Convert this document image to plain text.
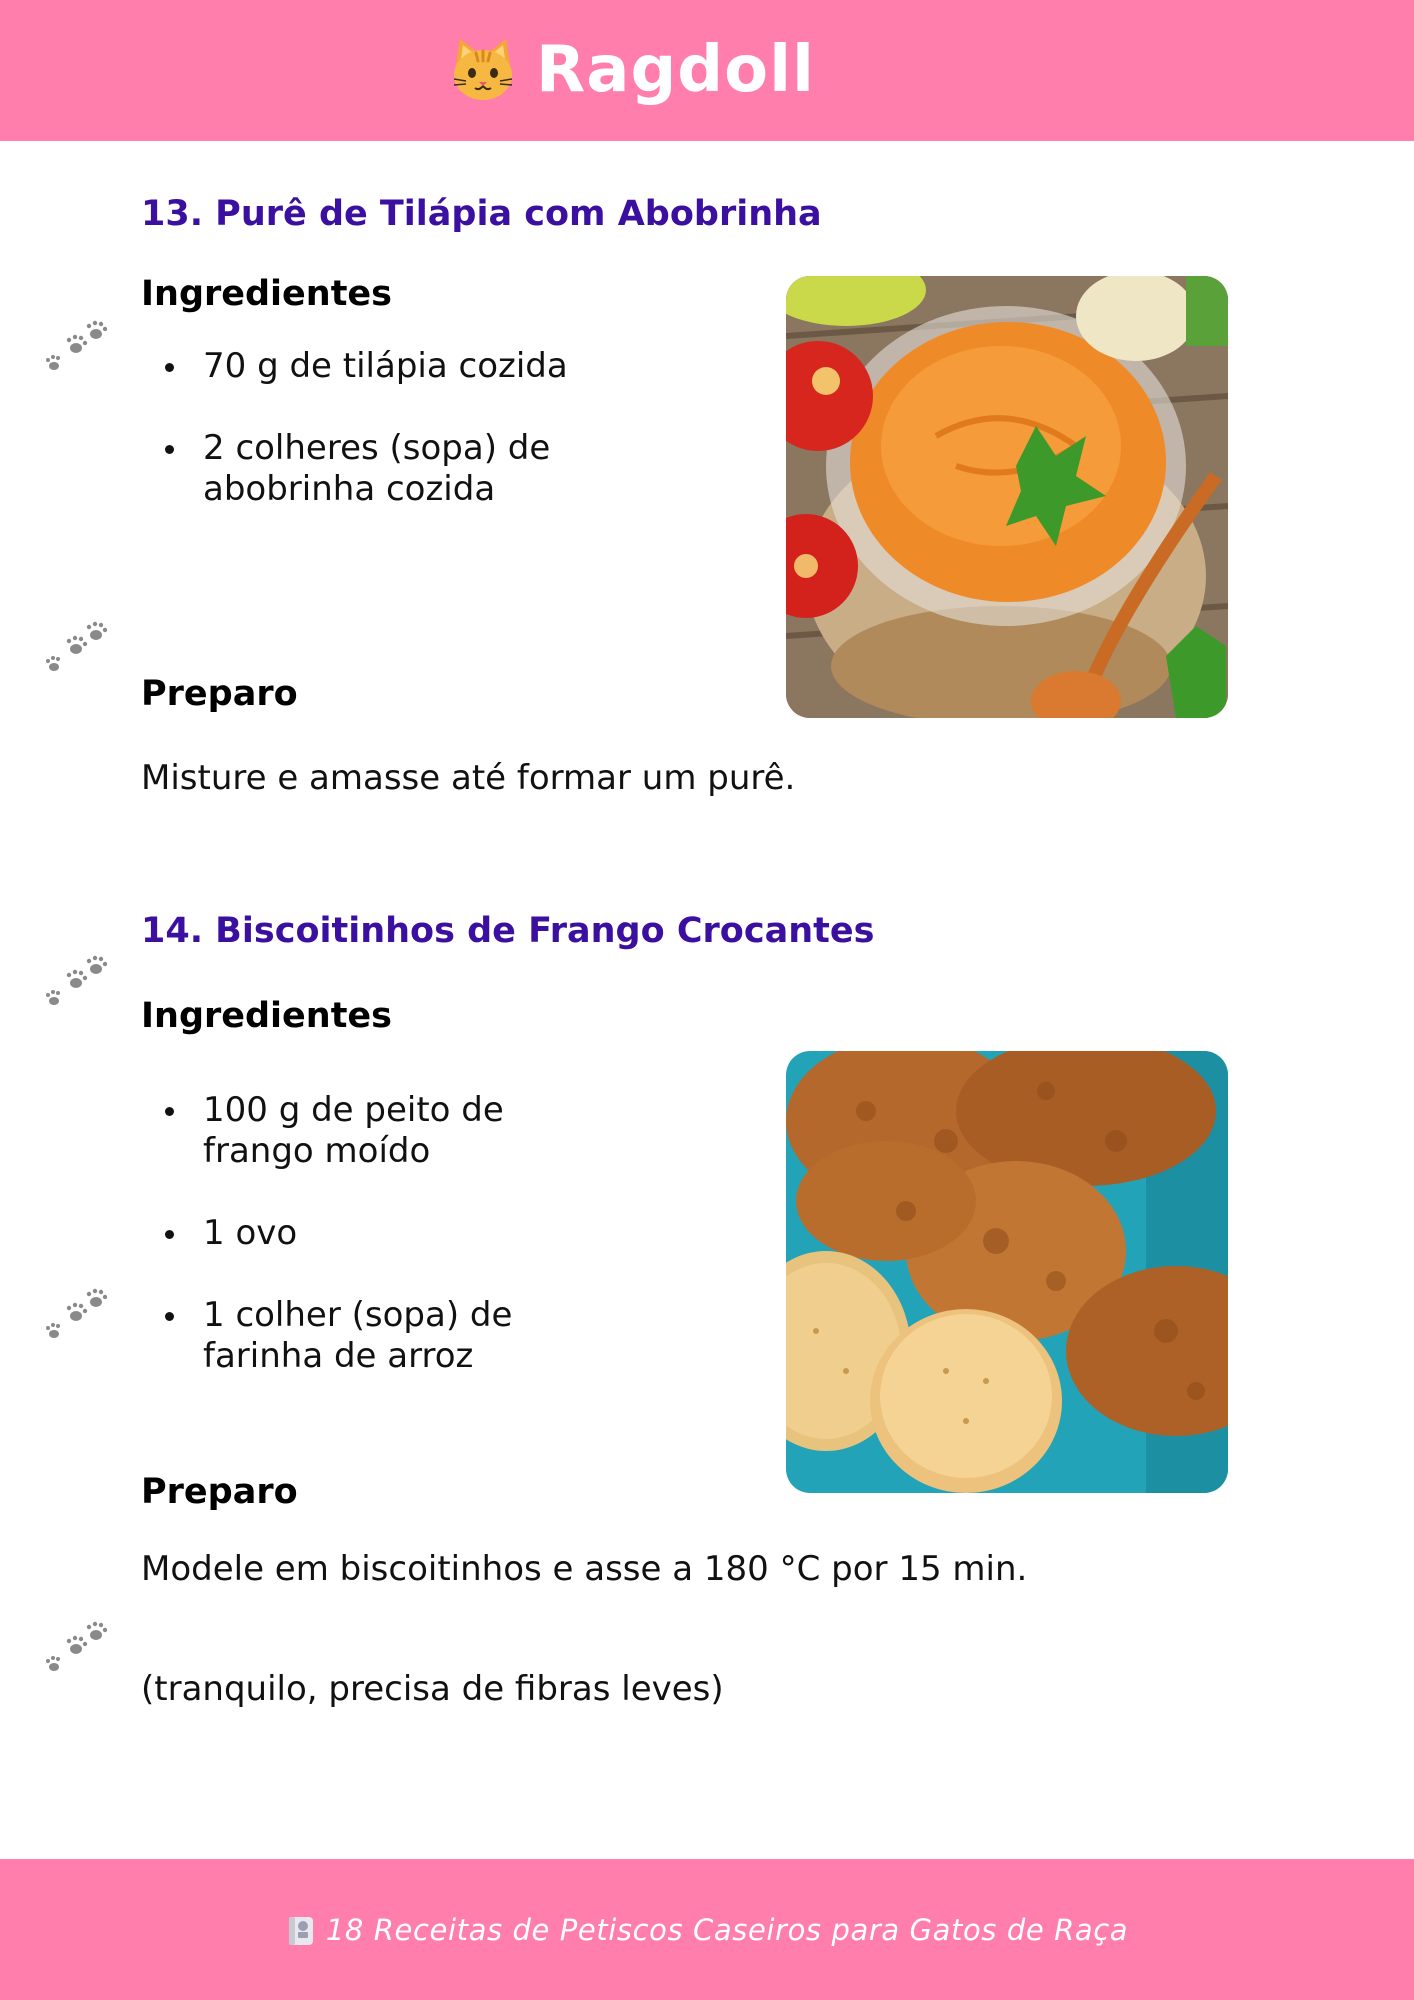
Ragdoll
13. Purê de Tilápia com Abobrinha
Ingredientes
70 g de tilápia cozida
2 colheres (sopa) de abobrinha cozida
Preparo

Misture e amasse até formar um purê.

14. Biscoitinhos de Frango Crocantes
Ingredientes
100 g de peito de frango moído
1 ovo
1 colher (sopa) de farinha de arroz
Preparo

Modele em biscoitinhos e asse a 180 °C por 15 min.

(tranquilo, precisa de fibras leves)

18 Receitas de Petiscos Caseiros para Gatos de Raça
